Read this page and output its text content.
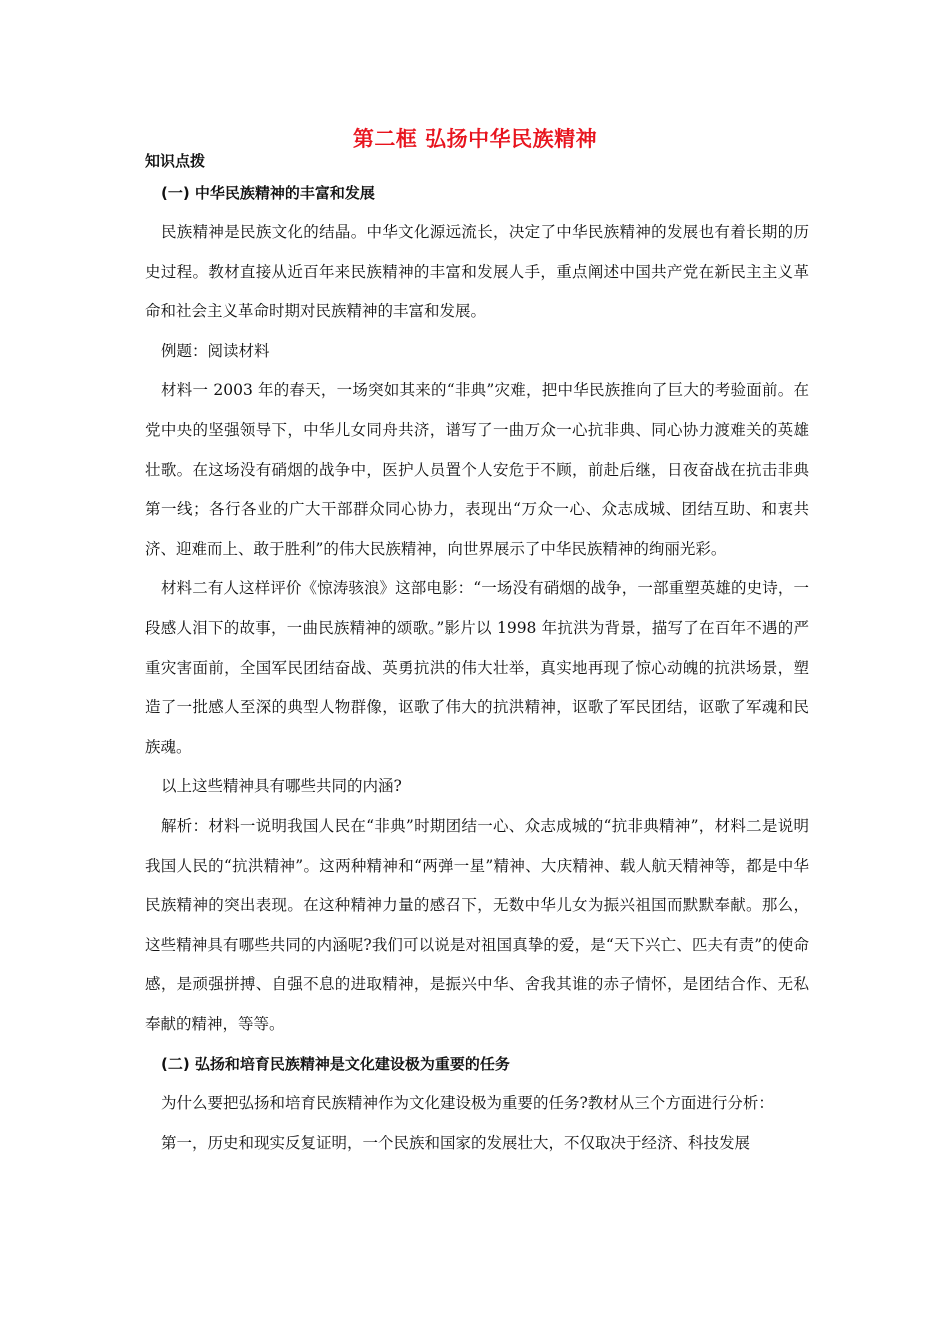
第二框 弘扬中华民族精神
知识点拨
(一) 中华民族精神的丰富和发展

民族精神是民族文化的结晶。中华文化源远流长，决定了中华民族精神的发展也有着长期的历史过程。教材直接从近百年来民族精神的丰富和发展人手，重点阐述中国共产党在新民主主义革命和社会主义革命时期对民族精神的丰富和发展。

例题：阅读材料

材料一 2003 年的春天，一场突如其来的“非典”灾难，把中华民族推向了巨大的考验面前。在党中央的坚强领导下，中华儿女同舟共济，谱写了一曲万众一心抗非典、同心协力渡难关的英雄壮歌。在这场没有硝烟的战争中，医护人员置个人安危于不顾，前赴后继，日夜奋战在抗击非典第一线；各行各业的广大干部群众同心协力，表现出“万众一心、众志成城、团结互助、和衷共济、迎难而上、敢于胜利”的伟大民族精神，向世界展示了中华民族精神的绚丽光彩。

材料二有人这样评价《惊涛骇浪》这部电影：“一场没有硝烟的战争，一部重塑英雄的史诗，一段感人泪下的故事，一曲民族精神的颂歌。”影片以 1998 年抗洪为背景，描写了在百年不遇的严重灾害面前，全国军民团结奋战、英勇抗洪的伟大壮举，真实地再现了惊心动魄的抗洪场景，塑造了一批感人至深的典型人物群像，讴歌了伟大的抗洪精神，讴歌了军民团结，讴歌了军魂和民族魂。

以上这些精神具有哪些共同的内涵?

解析：材料一说明我国人民在“非典”时期团结一心、众志成城的“抗非典精神”，材料二是说明我国人民的“抗洪精神”。这两种精神和“两弹一星”精神、大庆精神、载人航天精神等，都是中华民族精神的突出表现。在这种精神力量的感召下，无数中华儿女为振兴祖国而默默奉献。那么，这些精神具有哪些共同的内涵呢?我们可以说是对祖国真挚的爱，是“天下兴亡、匹夫有责”的使命感，是顽强拼搏、自强不息的进取精神，是振兴中华、舍我其谁的赤子情怀，是团结合作、无私奉献的精神，等等。

(二) 弘扬和培育民族精神是文化建设极为重要的任务

为什么要把弘扬和培育民族精神作为文化建设极为重要的任务?教材从三个方面进行分析：

第一，历史和现实反复证明，一个民族和国家的发展壮大，不仅取决于经济、科技发展
